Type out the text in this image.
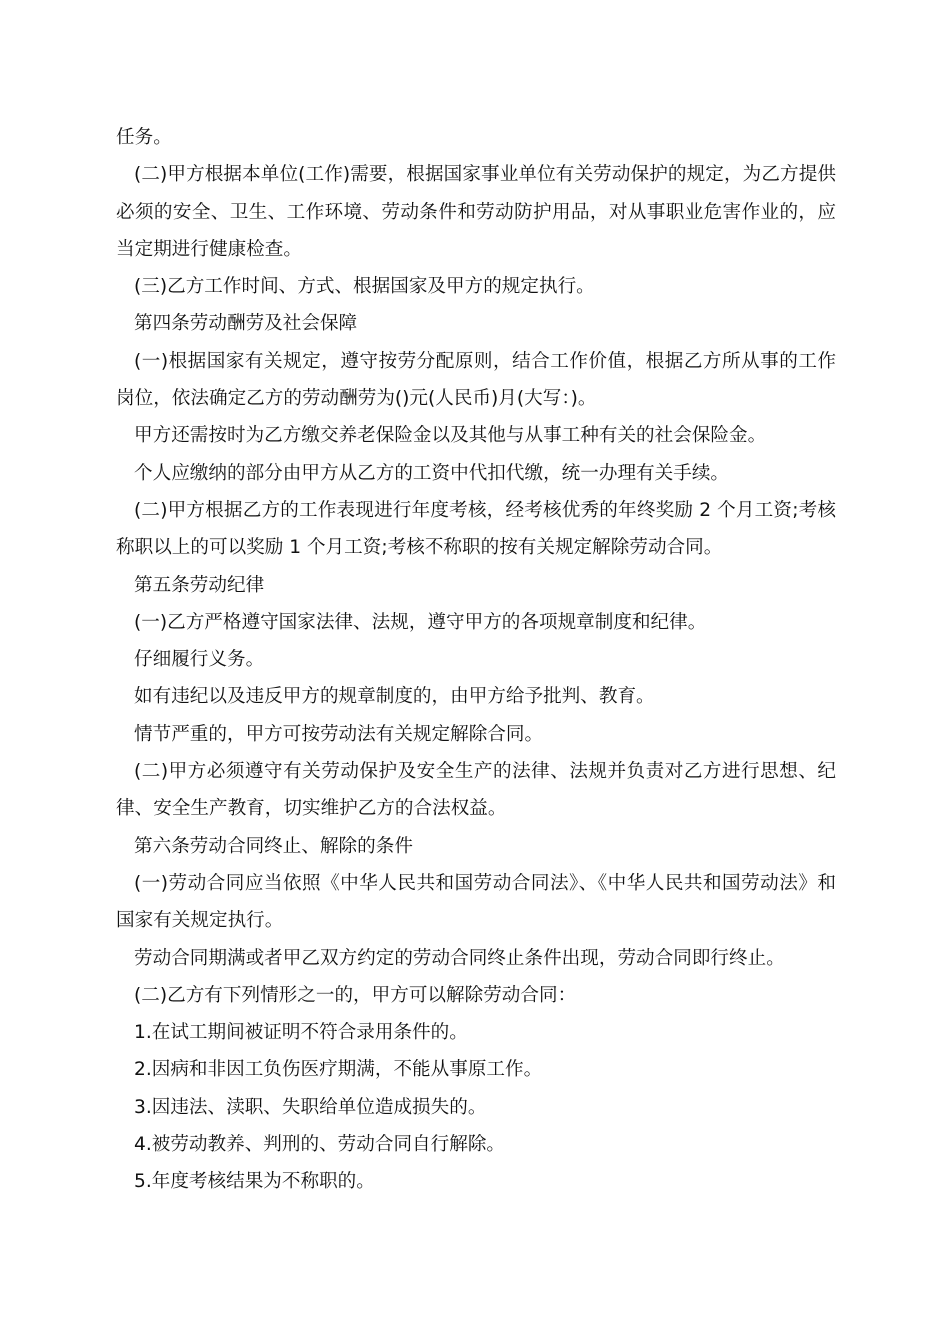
任务。

(二)甲方根据本单位(工作)需要，根据国家事业单位有关劳动保护的规定，为乙方提供必须的安全、卫生、工作环境、劳动条件和劳动防护用品，对从事职业危害作业的，应当定期进行健康检查。

(三)乙方工作时间、方式、根据国家及甲方的规定执行。

第四条劳动酬劳及社会保障

(一)根据国家有关规定，遵守按劳分配原则，结合工作价值，根据乙方所从事的工作岗位，依法确定乙方的劳动酬劳为()元(人民币)月(大写：)。

甲方还需按时为乙方缴交养老保险金以及其他与从事工种有关的社会保险金。

个人应缴纳的部分由甲方从乙方的工资中代扣代缴，统一办理有关手续。

(二)甲方根据乙方的工作表现进行年度考核，经考核优秀的年终奖励 2 个月工资;考核称职以上的可以奖励 1 个月工资;考核不称职的按有关规定解除劳动合同。

第五条劳动纪律

(一)乙方严格遵守国家法律、法规，遵守甲方的各项规章制度和纪律。

仔细履行义务。

如有违纪以及违反甲方的规章制度的，由甲方给予批判、教育。

情节严重的，甲方可按劳动法有关规定解除合同。

(二)甲方必须遵守有关劳动保护及安全生产的法律、法规并负责对乙方进行思想、纪律、安全生产教育，切实维护乙方的合法权益。

第六条劳动合同终止、解除的条件

(一)劳动合同应当依照《中华人民共和国劳动合同法》、《中华人民共和国劳动法》和国家有关规定执行。

劳动合同期满或者甲乙双方约定的劳动合同终止条件出现，劳动合同即行终止。

(二)乙方有下列情形之一的，甲方可以解除劳动合同：

1.在试工期间被证明不符合录用条件的。

2.因病和非因工负伤医疗期满，不能从事原工作。

3.因违法、渎职、失职给单位造成损失的。

4.被劳动教养、判刑的、劳动合同自行解除。

5.年度考核结果为不称职的。
